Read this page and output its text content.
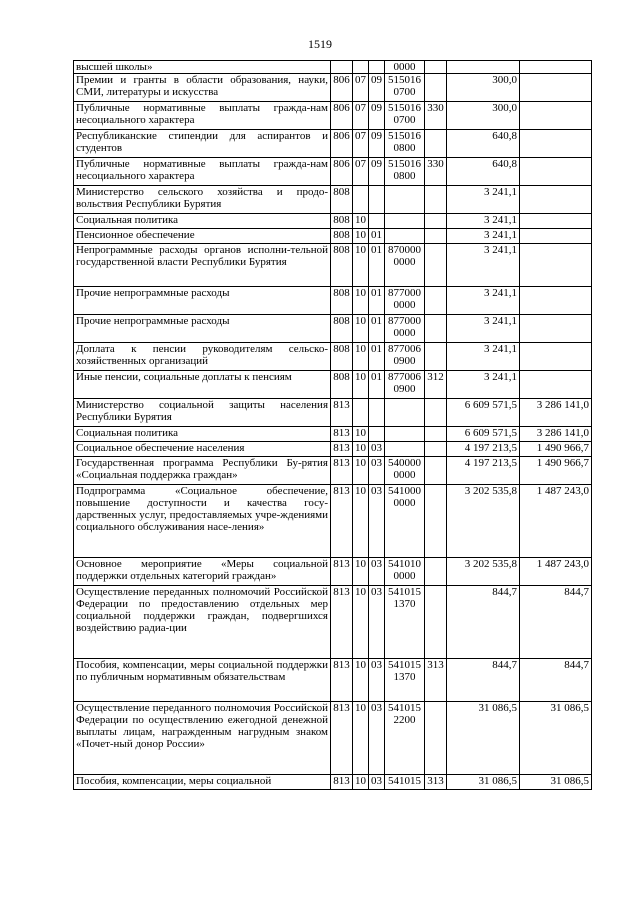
1519
высшей школы»				0000			
Премии и гранты в области образования, науки, СМИ, литературы и искусства	806	07	09	515016 0700		300,0	
Публичные нормативные выплаты гражда-нам несоциального характера	806	07	09	515016 0700	330	300,0	
Республиканские стипендии для аспирантов и студентов	806	07	09	515016 0800		640,8	
Публичные нормативные выплаты гражда-нам несоциального характера	806	07	09	515016 0800	330	640,8	
Министерство сельского хозяйства и продо-вольствия Республики Бурятия	808					3 241,1	
Социальная политика	808	10				3 241,1	
Пенсионное обеспечение	808	10	01			3 241,1	
Непрограммные расходы органов исполни-тельной государственной власти Республики Бурятия	808	10	01	870000 0000		3 241,1	
Прочие непрограммные расходы	808	10	01	877000 0000		3 241,1	
Прочие непрограммные расходы	808	10	01	877000 0000		3 241,1	
Доплата к пенсии руководителям сельско-хозяйственных организаций	808	10	01	877006 0900		3 241,1	
Иные пенсии, социальные доплаты к пенсиям	808	10	01	877006 0900	312	3 241,1	
Министерство социальной защиты населения Республики Бурятия	813					6 609 571,5	3 286 141,0
Социальная политика	813	10				6 609 571,5	3 286 141,0
Социальное обеспечение населения	813	10	03			4 197 213,5	1 490 966,7
Государственная программа Республики Бу-рятия «Социальная поддержка граждан»	813	10	03	540000 0000		4 197 213,5	1 490 966,7
Подпрограмма «Социальное обеспечение, повышение доступности и качества госу-дарственных услуг, предоставляемых учре-ждениями социального обслуживания насе-ления»	813	10	03	541000 0000		3 202 535,8	1 487 243,0
Основное мероприятие «Меры социальной поддержки отдельных категорий граждан»	813	10	03	541010 0000		3 202 535,8	1 487 243,0
Осуществление переданных полномочий Российской Федерации по предоставлению отдельных мер социальной поддержки граждан, подвергшихся воздействию радиа-ции	813	10	03	541015 1370		844,7	844,7
Пособия, компенсации, меры социальной поддержки по публичным нормативным обязательствам	813	10	03	541015 1370	313	844,7	844,7
Осуществление переданного полномочия Российской Федерации по осуществлению ежегодной денежной выплаты лицам, награжденным нагрудным знаком «Почет-ный донор России»	813	10	03	541015 2200		31 086,5	31 086,5
Пособия, компенсации, меры социальной	813	10	03	541015	313	31 086,5	31 086,5
